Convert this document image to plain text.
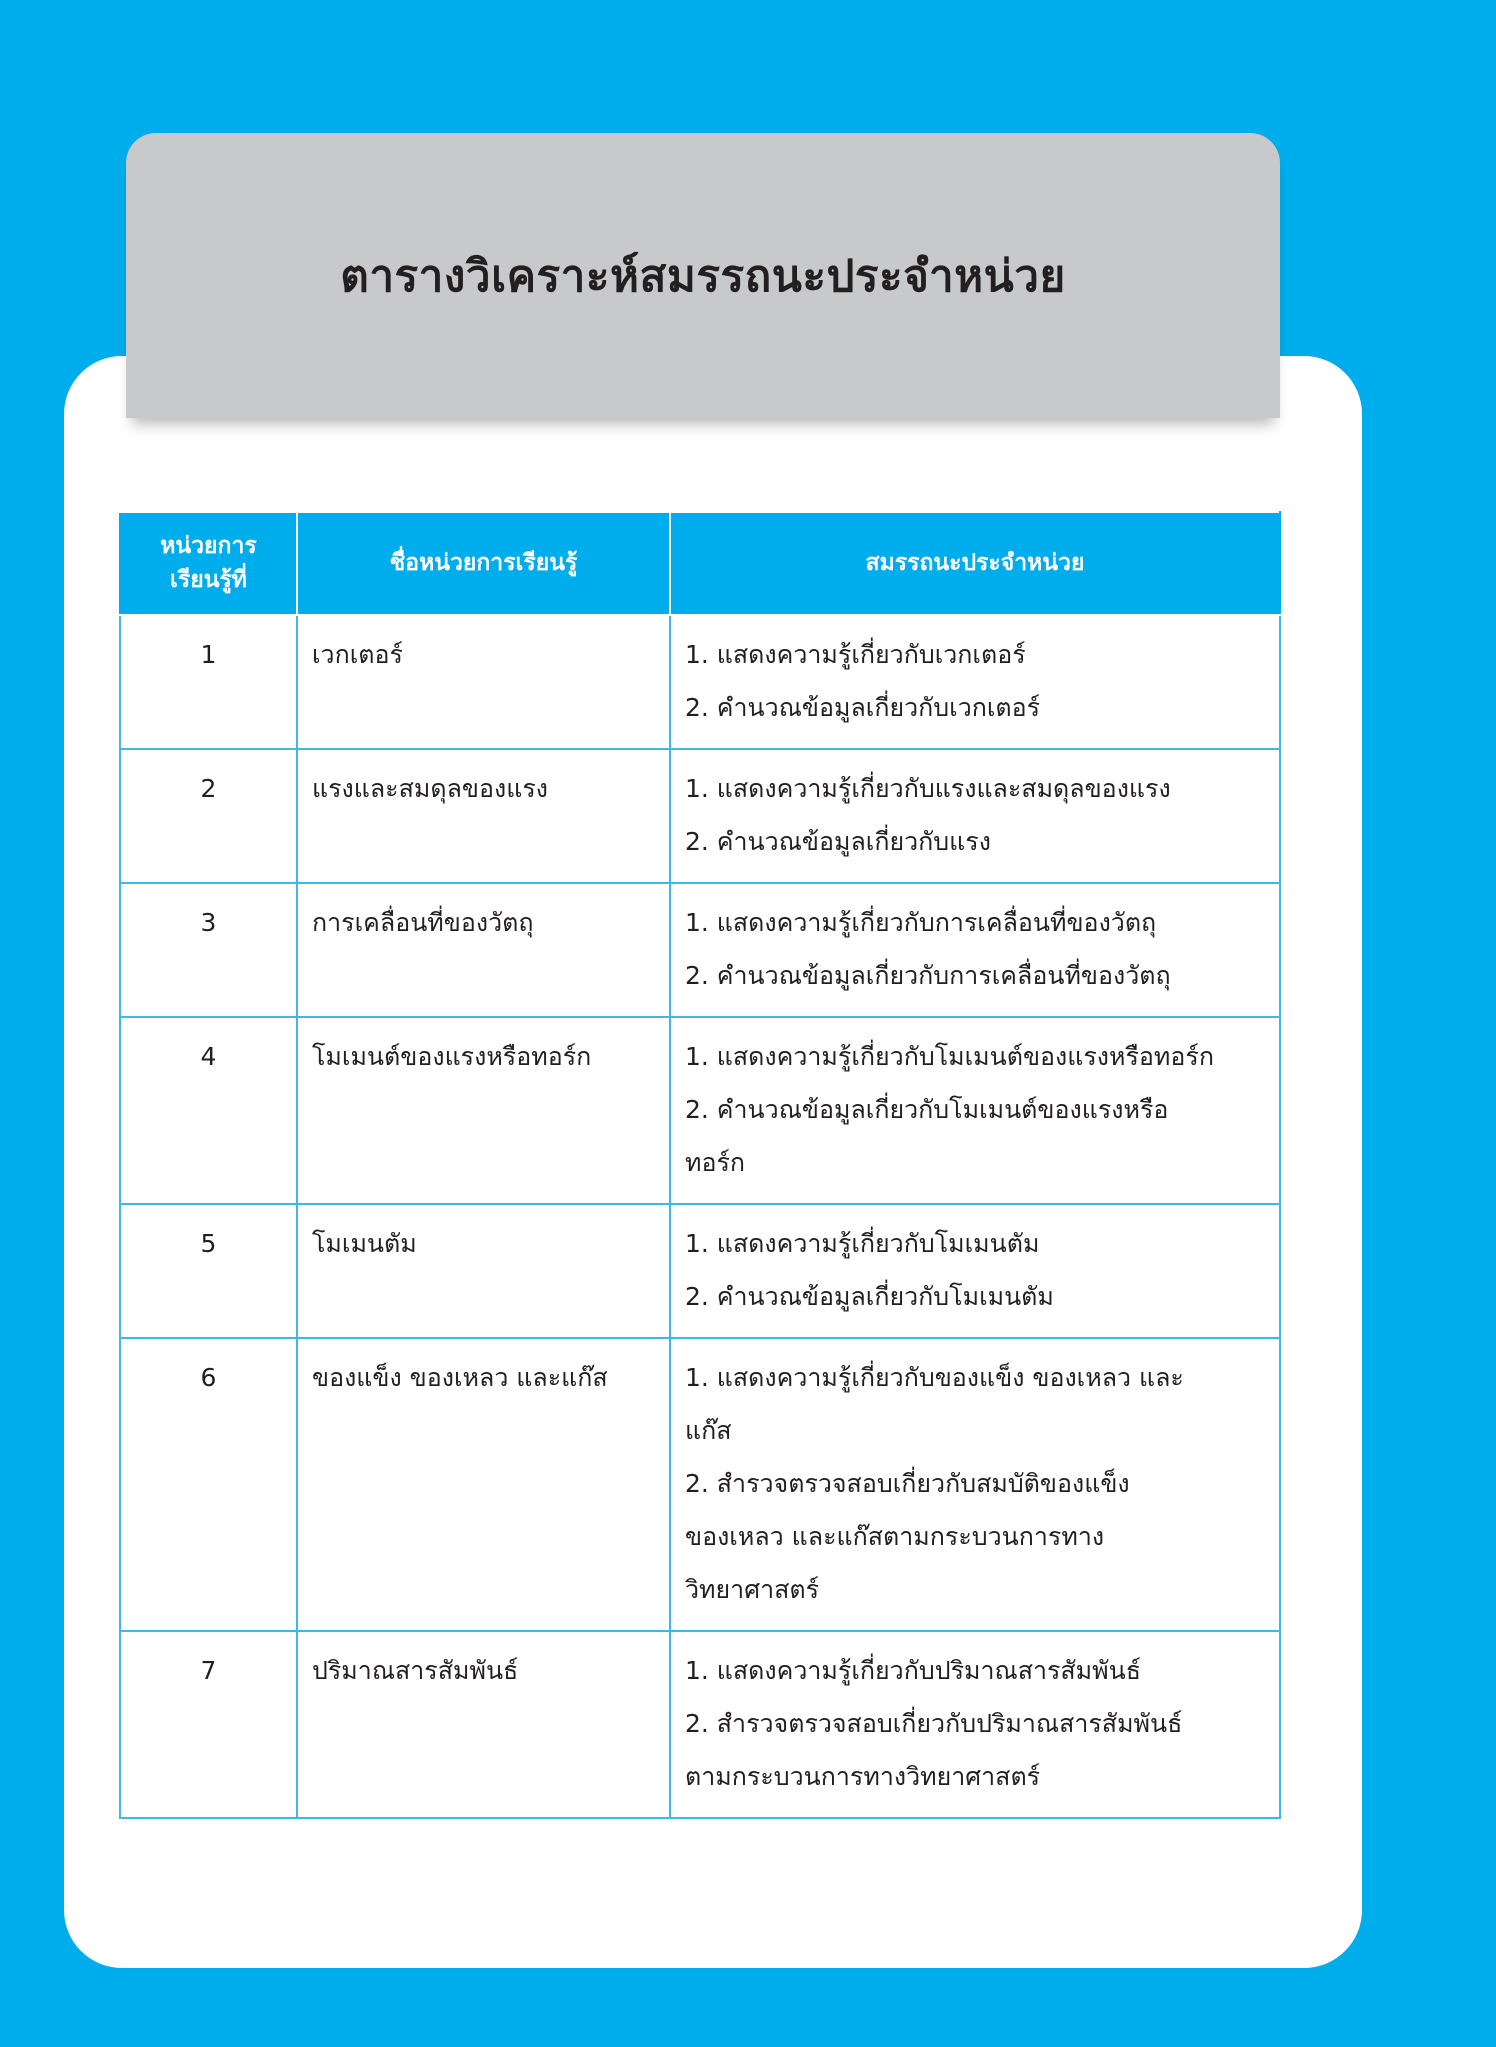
ตารางวิเคราะห์สมรรถนะประจำหน่วย
หน่วยการ
เรียนรู้ที่	ชื่อหน่วยการเรียนรู้	สมรรถนะประจำหน่วย
1	เวกเตอร์	1. แสดงความรู้เกี่ยวกับเวกเตอร์
2. คำนวณข้อมูลเกี่ยวกับเวกเตอร์

2	แรงและสมดุลของแรง	1. แสดงความรู้เกี่ยวกับแรงและสมดุลของแรง
2. คำนวณข้อมูลเกี่ยวกับแรง

3	การเคลื่อนที่ของวัตถุ	1. แสดงความรู้เกี่ยวกับการเคลื่อนที่ของวัตถุ
2. คำนวณข้อมูลเกี่ยวกับการเคลื่อนที่ของวัตถุ

4	โมเมนต์ของแรงหรือทอร์ก	1. แสดงความรู้เกี่ยวกับโมเมนต์ของแรงหรือทอร์ก
2. คำนวณข้อมูลเกี่ยวกับโมเมนต์ของแรงหรือ
ทอร์ก

5	โมเมนตัม	1. แสดงความรู้เกี่ยวกับโมเมนตัม
2. คำนวณข้อมูลเกี่ยวกับโมเมนตัม

6	ของแข็ง ของเหลว และแก๊ส	1. แสดงความรู้เกี่ยวกับของแข็ง ของเหลว และ
แก๊ส
2. สำรวจตรวจสอบเกี่ยวกับสมบัติของแข็ง
ของเหลว และแก๊สตามกระบวนการทาง
วิทยาศาสตร์

7	ปริมาณสารสัมพันธ์	1. แสดงความรู้เกี่ยวกับปริมาณสารสัมพันธ์
2. สำรวจตรวจสอบเกี่ยวกับปริมาณสารสัมพันธ์
ตามกระบวนการทางวิทยาศาสตร์
